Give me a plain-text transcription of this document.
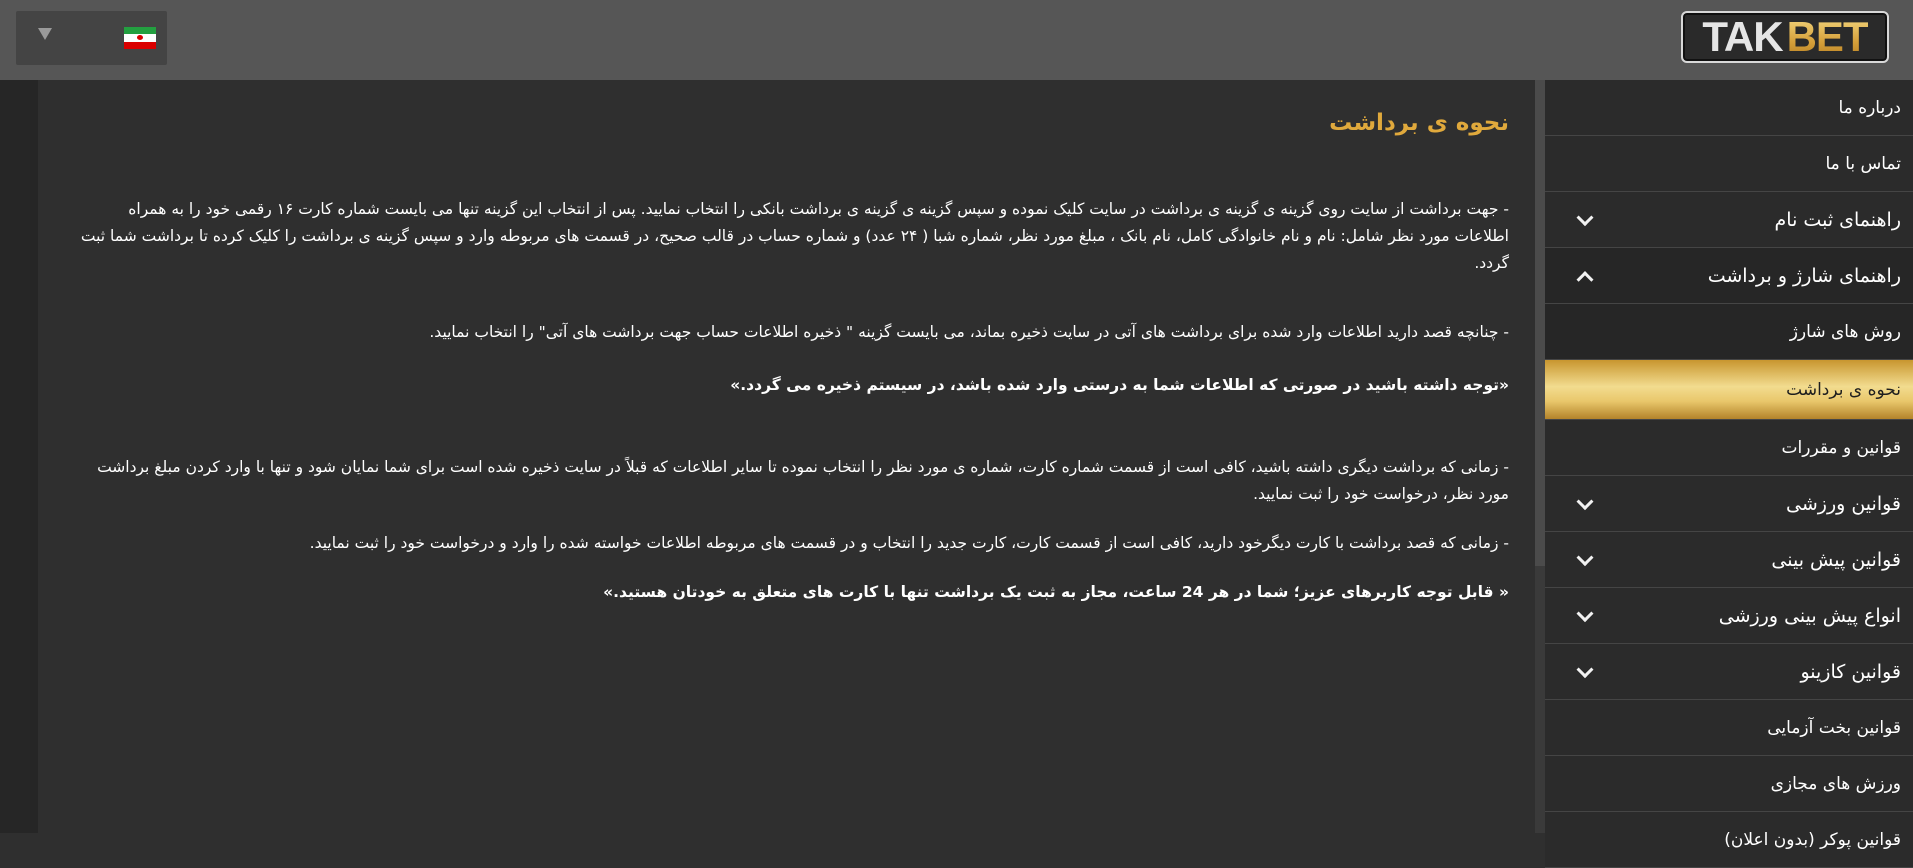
TAK BET
نحوه ی برداشت

- جهت برداشت از سایت روی گزینه ی گزینه ی برداشت در سایت کلیک نموده و سپس گزینه ی گزینه ی برداشت بانکی را انتخاب نمایید. پس از انتخاب این گزینه تنها می بایست شماره کارت ۱۶ رقمی خود را به همراه اطلاعات مورد نظر شامل: نام و نام خانوادگی کامل، نام بانک ، مبلغ مورد نظر، شماره شبا ( ۲۴ عدد) و شماره حساب در قالب صحیح، در قسمت های مربوطه وارد و سپس گزینه ی برداشت را کلیک کرده تا برداشت شما ثبت گردد.

- چنانچه قصد دارید اطلاعات وارد شده برای برداشت های آتی در سایت ذخیره بماند، می بایست گزینه " ذخیره اطلاعات حساب جهت برداشت های آتی" را انتخاب نمایید.

«توجه داشته باشید در صورتی که اطلاعات شما به درستی وارد شده باشد، در سیستم ذخیره می گردد.»

- زمانی که برداشت دیگری داشته باشید، کافی است از قسمت شماره کارت، شماره ی مورد نظر را انتخاب نموده تا سایر اطلاعات که قبلاً در سایت ذخیره شده است برای شما نمایان شود و تنها با وارد کردن مبلغ برداشت مورد نظر، درخواست خود را ثبت نمایید.

- زمانی که قصد برداشت با کارت دیگرخود دارید، کافی است از قسمت کارت، کارت جدید را انتخاب و در قسمت های مربوطه اطلاعات خواسته شده را وارد و درخواست خود را ثبت نمایید.

« قابل توجه کاربرهای عزیز؛ شما در هر 24 ساعت، مجاز به ثبت یک برداشت تنها با کارت های متعلق به خودتان هستید.»

درباره ما
تماس با ما
راهنمای ثبت نام
راهنمای شارژ و برداشت
روش های شارژ
نحوه ی برداشت
قوانین و مقررات
قوانین ورزشی
قوانین پیش بینی
انواع پیش بینی ورزشی
قوانین کازینو
قوانین بخت آزمایی
ورزش های مجازی
قوانین پوکر (بدون اعلان)
